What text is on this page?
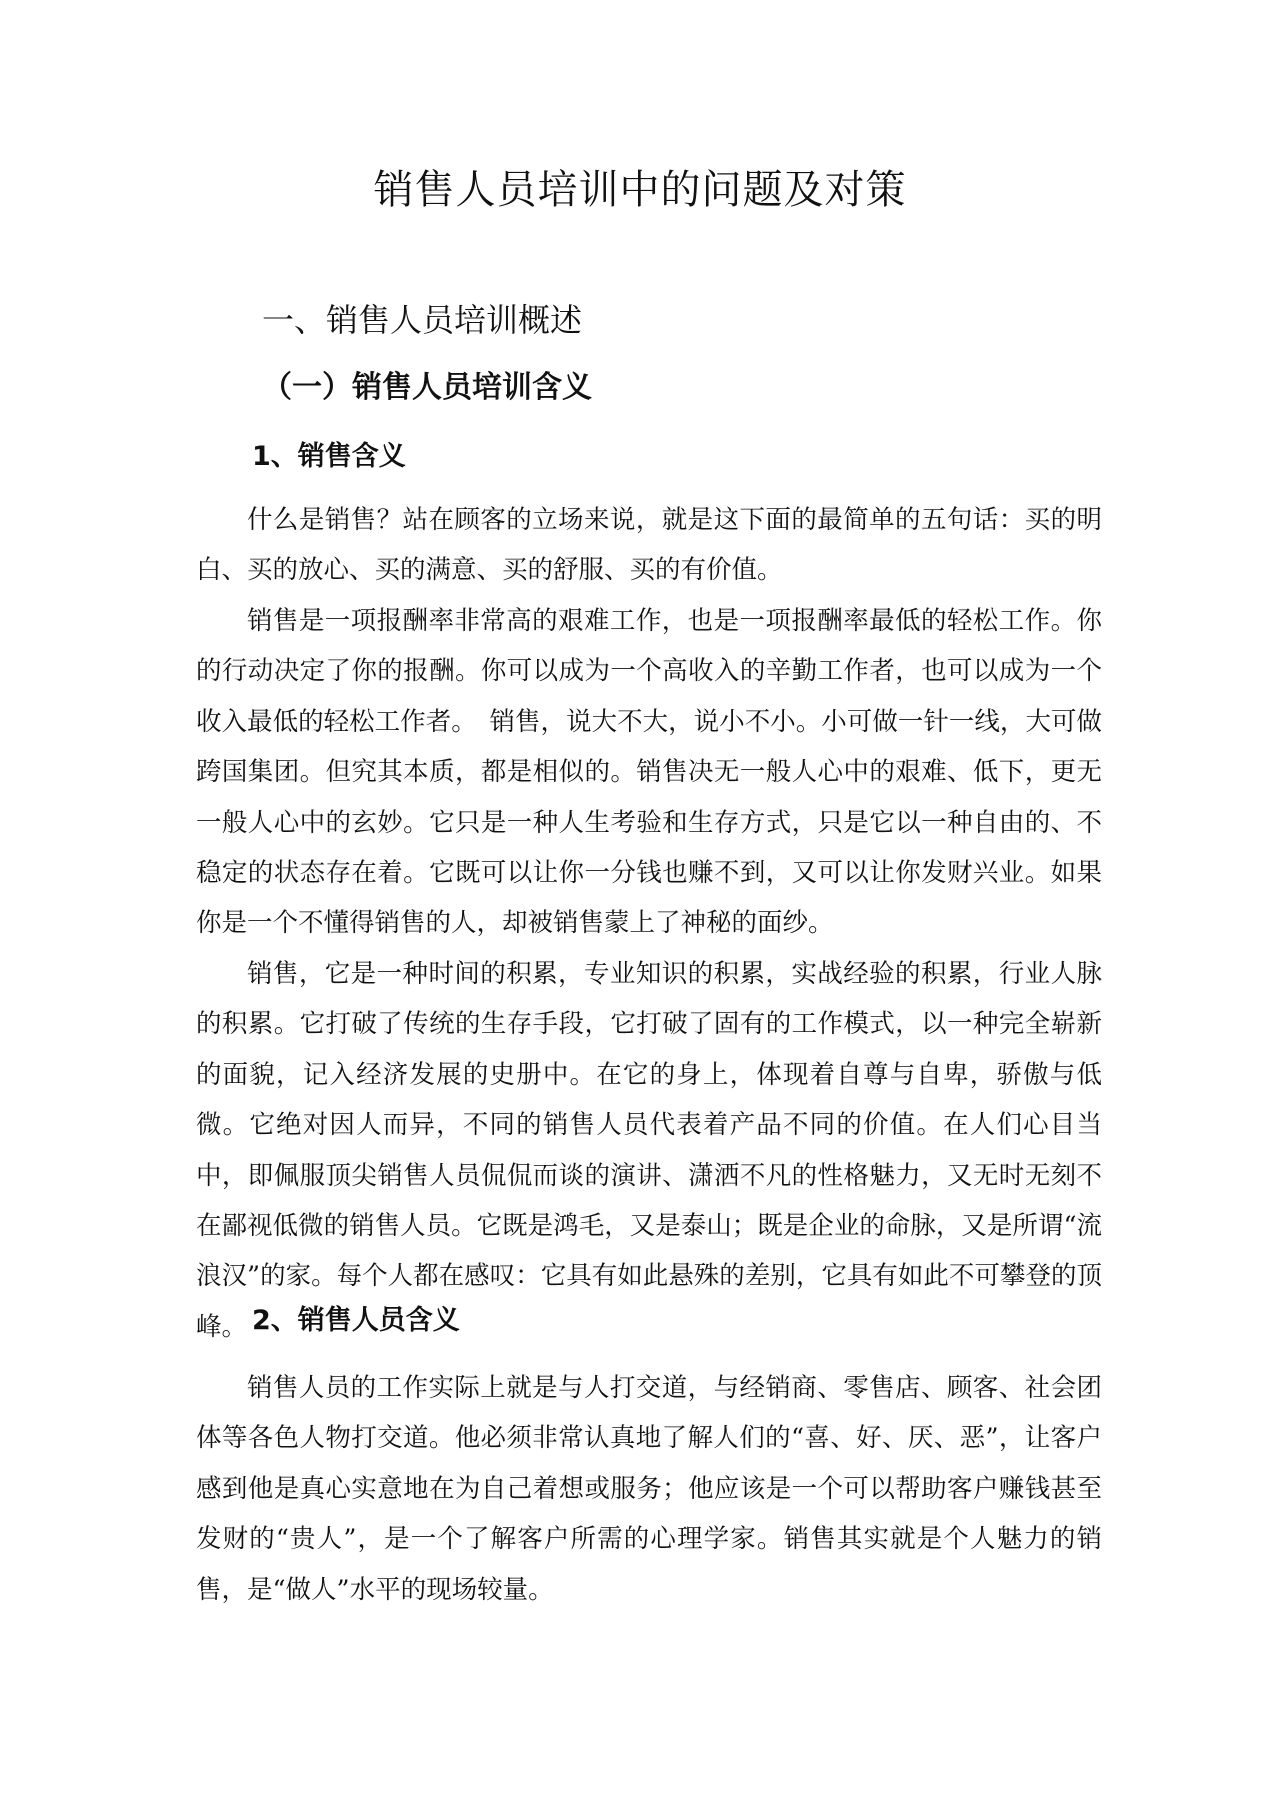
销售人员培训中的问题及对策
一、销售人员培训概述
（一）销售人员培训含义
1、销售含义

什么是销售？站在顾客的立场来说，就是这下面的最简单的五句话：买的明白、买的放心、买的满意、买的舒服、买的有价值。

销售是一项报酬率非常高的艰难工作，也是一项报酬率最低的轻松工作。你的行动决定了你的报酬。你可以成为一个高收入的辛勤工作者，也可以成为一个收入最低的轻松工作者。　销售，说大不大，说小不小。小可做一针一线，大可做跨国集团。但究其本质，都是相似的。销售决无一般人心中的艰难、低下，更无一般人心中的玄妙。它只是一种人生考验和生存方式，只是它以一种自由的、不稳定的状态存在着。它既可以让你一分钱也赚不到，又可以让你发财兴业。如果你是一个不懂得销售的人，却被销售蒙上了神秘的面纱。

销售，它是一种时间的积累，专业知识的积累，实战经验的积累，行业人脉的积累。它打破了传统的生存手段，它打破了固有的工作模式，以一种完全崭新的面貌，记入经济发展的史册中。在它的身上，体现着自尊与自卑，骄傲与低微。它绝对因人而异，不同的销售人员代表着产品不同的价值。在人们心目当中，即佩服顶尖销售人员侃侃而谈的演讲、潇洒不凡的性格魅力，又无时无刻不在鄙视低微的销售人员。它既是鸿毛，又是泰山；既是企业的命脉，又是所谓“流浪汉”的家。每个人都在感叹：它具有如此悬殊的差别，它具有如此不可攀登的顶峰。 2、销售人员含义

销售人员的工作实际上就是与人打交道，与经销商、零售店、顾客、社会团体等各色人物打交道。他必须非常认真地了解人们的“喜、好、厌、恶”，让客户感到他是真心实意地在为自己着想或服务；他应该是一个可以帮助客户赚钱甚至发财的“贵人”，是一个了解客户所需的心理学家。销售其实就是个人魅力的销售，是“做人”水平的现场较量。
